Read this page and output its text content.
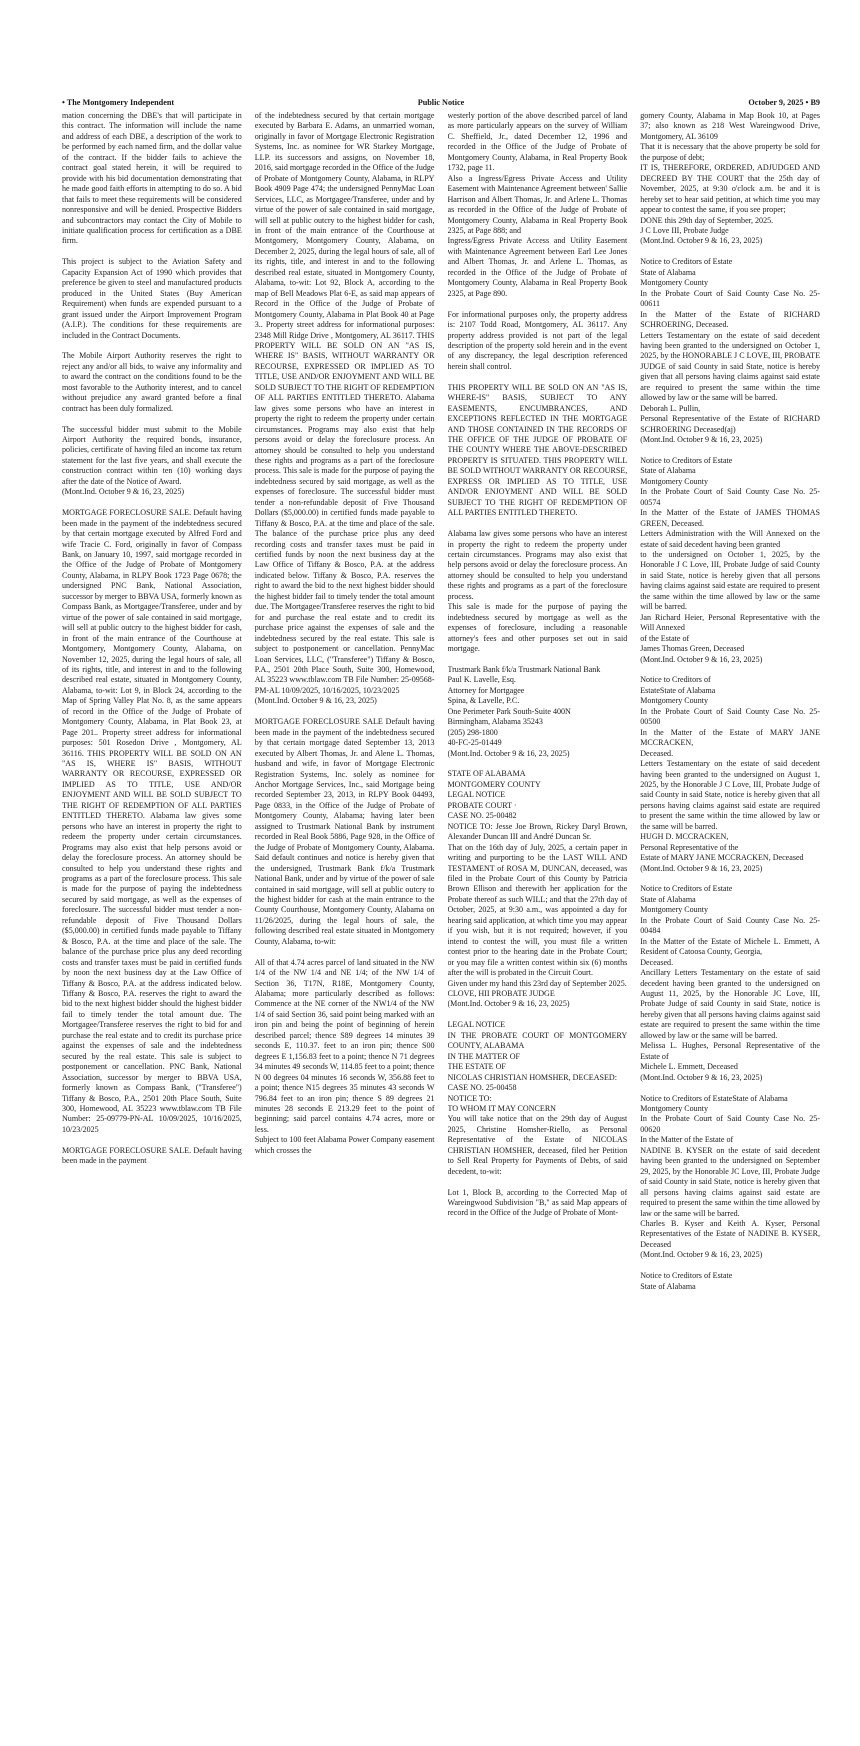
• The Montgomery Independent	Public Notice	October 9, 2025 • B9

mation concerning the DBE's that will participate in this contract. The information will include the name and address of each DBE, a description of the work to be performed by each named firm, and the dollar value of the contract. If the bidder fails to achieve the contract goal stated herein, it will be required to provide with his bid documentation demonstrating that he made good faith efforts in attempting to do so. A bid that fails to meet these requirements will be considered nonresponsive and will be denied. Prospective Bidders and subcontractors may contact the City of Mobile to initiate qualification process for certification as a DBE firm.

This project is subject to the Aviation Safety and Capacity Expansion Act of 1990 which provides that preference be given to steel and manufactured products produced in the United States (Buy American Requirement) when funds are expended pursuant to a grant issued under the Airport Improvement Program (A.I.P.). The conditions for these requirements are included in the Contract Documents.

The Mobile Airport Authority reserves the right to reject any and/or all bids, to waive any informality and to award the contract on the conditions found to be the most favorable to the Authority interest, and to cancel without prejudice any award granted before a final contract has been duly formalized.

The successful bidder must submit to the Mobile Airport Authority the required bonds, insurance, policies, certificate of having filed an income tax return statement for the last five years, and shall execute the construction contract within ten (10) working days after the date of the Notice of Award.

(Mont.Ind. October 9 & 16, 23, 2025)

MORTGAGE FORECLOSURE SALE. Default having been made in the payment of the indebtedness secured by that certain mortgage executed by Alfred Ford and wife Tracie C. Ford, originally in favor of Compass Bank, on January 10, 1997, said mortgage recorded in the Office of the Judge of Probate of Montgomery County, Alabama, in RLPY Book 1723 Page 0678; the undersigned PNC Bank, National Association, successor by merger to BBVA USA, formerly known as Compass Bank, as Mortgagee/Transferee, under and by virtue of the power of sale contained in said mortgage, will sell at public outcry to the highest bidder for cash, in front of the main entrance of the Courthouse at Montgomery, Montgomery County, Alabama, on November 12, 2025, during the legal hours of sale, all of its rights, title, and interest in and to the following described real estate, situated in Montgomery County, Alabama, to-wit: Lot 9, in Block 24, according to the Map of Spring Valley Plat No. 8, as the same appears of record in the Office of the Judge of Probate of Montgomery County, Alabama, in Plat Book 23, at Page 201.. Property street address for informational purposes: 501 Rosedon Drive , Montgomery, AL 36116. THIS PROPERTY WILL BE SOLD ON AN "AS IS, WHERE IS" BASIS, WITHOUT WARRANTY OR RECOURSE, EXPRESSED OR IMPLIED AS TO TITLE, USE AND/OR ENJOYMENT AND WILL BE SOLD SUBJECT TO THE RIGHT OF REDEMPTION OF ALL PARTIES ENTITLED THERETO. Alabama law gives some persons who have an interest in property the right to redeem the property under certain circumstances. Programs may also exist that help persons avoid or delay the foreclosure process. An attorney should be consulted to help you understand these rights and programs as a part of the foreclosure process. This sale is made for the purpose of paying the indebtedness secured by said mortgage, as well as the expenses of foreclosure. The successful bidder must tender a non-refundable deposit of Five Thousand Dollars ($5,000.00) in certified funds made payable to Tiffany & Bosco, P.A. at the time and place of the sale. The balance of the purchase price plus any deed recording costs and transfer taxes must be paid in certified funds by noon the next business day at the Law Office of Tiffany & Bosco, P.A. at the address indicated below. Tiffany & Bosco, P.A. reserves the right to award the bid to the next highest bidder should the highest bidder fail to timely tender the total amount due. The Mortgagee/Transferee reserves the right to bid for and purchase the real estate and to credit its purchase price against the expenses of sale and the indebtedness secured by the real estate. This sale is subject to postponement or cancellation. PNC Bank, National Association, successor by merger to BBVA USA, formerly known as Compass Bank, ("Transferee") Tiffany & Bosco, P.A., 2501 20th Place South, Suite 300, Homewood, AL 35223 www.tblaw.com TB File Number: 25-09779-PN-AL 10/09/2025, 10/16/2025, 10/23/2025

MORTGAGE FORECLOSURE SALE. Default having been made in the payment

of the indebtedness secured by that certain mortgage executed by Barbara E. Adams, an unmarried woman, originally in favor of Mortgage Electronic Registration Systems, Inc. as nominee for WR Starkey Mortgage, LLP. its successors and assigns, on November 18, 2016, said mortgage recorded in the Office of the Judge of Probate of Montgomery County, Alabama, in RLPY Book 4909 Page 474; the undersigned PennyMac Loan Services, LLC, as Mortgagee/Transferee, under and by virtue of the power of sale contained in said mortgage, will sell at public outcry to the highest bidder for cash, in front of the main entrance of the Courthouse at Montgomery, Montgomery County, Alabama, on December 2, 2025, during the legal hours of sale, all of its rights, title, and interest in and to the following described real estate, situated in Montgomery County, Alabama, to-wit: Lot 92, Block A, according to the map of Bell Meadows Plat 6-E, as said map appears of Record in the Office of the Judge of Probate of Montgomery County, Alabama in Plat Book 40 at Page 3.. Property street address for informational purposes: 2348 Mill Ridge Drive , Montgomery, AL 36117. THIS PROPERTY WILL BE SOLD ON AN "AS IS, WHERE IS" BASIS, WITHOUT WARRANTY OR RECOURSE, EXPRESSED OR IMPLIED AS TO TITLE, USE AND/OR ENJOYMENT AND WILL BE SOLD SUBJECT TO THE RIGHT OF REDEMPTION OF ALL PARTIES ENTITLED THERETO. Alabama law gives some persons who have an interest in property the right to redeem the property under certain circumstances. Programs may also exist that help persons avoid or delay the foreclosure process. An attorney should be consulted to help you understand these rights and programs as a part of the foreclosure process. This sale is made for the purpose of paying the indebtedness secured by said mortgage, as well as the expenses of foreclosure. The successful bidder must tender a non-refundable deposit of Five Thousand Dollars ($5,000.00) in certified funds made payable to Tiffany & Bosco, P.A. at the time and place of the sale. The balance of the purchase price plus any deed recording costs and transfer taxes must be paid in certified funds by noon the next business day at the Law Office of Tiffany & Bosco, P.A. at the address indicated below. Tiffany & Bosco, P.A. reserves the right to award the bid to the next highest bidder should the highest bidder fail to timely tender the total amount due. The Mortgagee/Transferee reserves the right to bid for and purchase the real estate and to credit its purchase price against the expenses of sale and the indebtedness secured by the real estate. This sale is subject to postponement or cancellation. PennyMac Loan Services, LLC, ("Transferee") Tiffany & Bosco, P.A., 2501 20th Place South, Suite 300, Homewood, AL 35223 www.tblaw.com TB File Number: 25-09568-PM-AL 10/09/2025, 10/16/2025, 10/23/2025

(Mont.Ind. October 9 & 16, 23, 2025)

MORTGAGE FORECLOSURE SALE Default having been made in the payment of the indebtedness secured by that certain mortgage dated September 13, 2013 executed by Albert Thomas, Jr. and Alene L. Thomas, husband and wife, in favor of Mortgage Electronic Registration Systems, Inc. solely as nominee for Anchor Mortgage Services, Inc., said Mortgage being recorded September 23, 2013, in RLPY Book 04493, Page 0833, in the Office of the Judge of Probate of Montgomery County, Alabama; having later been assigned to Trustmark National Bank by instrument recorded in Real Book 5886, Page 928, in the Office of the Judge of Probate of Montgomery County, Alabama. Said default continues and notice is hereby given that the undersigned, Trustmark Bank f/k/a Trustmark National Bank, under and by virtue of the power of sale contained in said mortgage, will sell at public outcry to the highest bidder for cash at the main entrance to the County Courthouse, Montgomery County, Alabama on 11/26/2025, during the legal hours of sale, the following described real estate situated in Montgomery County, Alabama, to-wit:

All of that 4.74 acres parcel of land situated in the NW 1/4 of the NW 1/4 and NE 1/4; of the NW 1/4 of Section 36, T17N, R18E, Montgomery County, Alabama; more particularly described as follows: Commence at the NE corner of the NW1/4 of the NW 1/4 of said Section 36, said point being marked with an iron pin and being the point of beginning of herein described parcel; thence S89 degrees 14 minutes 39 seconds E, 110.37. feet to an iron pin; thence S00 degrees E 1,156.83 feet to a point; thence N 71 degrees 34 minutes 49 seconds W, 114.85 feet to a point; thence N 00 degrees 04 minutes 16 seconds W, 356.88 feet to a point; thence N15 degrees 35 minutes 43 seconds W 796.84 feet to an iron pin; thence S 89 degrees 21 minutes 28 seconds E 213.29 feet to the point of beginning; said parcel contains 4.74 acres, more or less.

Subject to 100 feet Alabama Power Company easement which crosses the

westerly portion of the above described parcel of land as more particularly appears on the survey of William C. Sheffield, Jr., dated December 12, 1996 and recorded in the Office of the Judge of Probate of Montgomery County, Alabama, in Real Property Book 1732, page 11.

Also a Ingress/Egress Private Access and Utility Easement with Maintenance Agreement between' Sallie Harrison and Albert Thomas, Jr. and Arlene L. Thomas as recorded in the Office of the Judge of Probate of Montgomery County, Alabama in Real Property Book 2325, at Page 888; and

Ingress/Egress Private Access and Utility Easement with Maintenance Agreement between Earl Lee Jones and Albert Thomas, Jr. and Arlene L. Thomas, as recorded in the Office of the Judge of Probate of Montgomery County, Alabama in Real Property Book 2325, at Page 890.

For informational purposes only, the property address is: 2107 Todd Road, Montgomery, AL 36117. Any property address provided is not part of the legal description of the property sold herein and in the event of any discrepancy, the legal description referenced herein shall control.

THIS PROPERTY WILL BE SOLD ON AN "AS IS, WHERE-IS" BASIS, SUBJECT TO ANY EASEMENTS, ENCUMBRANCES, AND EXCEPTIONS REFLECTED IN THE MORTGAGE AND THOSE CONTAINED IN THE RECORDS OF THE OFFICE OF THE JUDGE OF PROBATE OF THE COUNTY WHERE THE ABOVE-DESCRIBED PROPERTY IS SITUATED. THIS PROPERTY WILL BE SOLD WITHOUT WARRANTY OR RECOURSE, EXPRESS OR IMPLIED AS TO TITLE, USE AND/OR ENJOYMENT AND WILL BE SOLD SUBJECT TO THE RIGHT OF REDEMPTION OF ALL PARTIES ENTITLED THERETO.

Alabama law gives some persons who have an interest in property the right to redeem the property under certain circumstances. Programs may also exist that help persons avoid or delay the foreclosure process. An attorney should be consulted to help you understand these rights and programs as a part of the foreclosure process.

This sale is made for the purpose of paying the indebtedness secured by mortgage as well as the expenses of foreclosure, including a reasonable attorney's fees and other purposes set out in said mortgage.

Trustmark Bank f/k/a Trustmark National Bank

Paul K. Lavelle, Esq.

Attorney for Mortgagee

Spina, & Lavelle, P.C.

One Perimeter Park South-Suite 400N

Birmingham, Alabama 35243

(205) 298-1800

40-FC-25-01449

(Mont.Ind. October 9 & 16, 23, 2025)

STATE OF ALABAMA

MONTGOMERY COUNTY

LEGAL NOTICE

PROBATE COURT ·

CASE NO. 25-00482

NOTICE TO: Jesse Joe Brown, Rickey Daryl Brown, Alexander Duncan III and André Duncan Sr.

That on the 16th day of July, 2025, a certain paper in writing and purporting to be the LAST WILL AND TESTAMENT of ROSA M, DUNCAN, deceased, was filed in the Probate Court of this County by Patricia Brown Ellison and therewith her application for the Probate thereof as such WILL; and that the 27th day of October, 2025, at 9:30 a.m., was appointed a day for hearing said application, at which time you may appear if you wish, but it is not required; however, if you intend to contest the will, you must file a written contest prior to the hearing date in the Probate Court; or you may file a written contest within six (6) months after the will is probated in the Circuit Court.

Given under my hand this 23rd day of September 2025.

CLOVE, HII PROBATE JUDGE

(Mont.Ind. October 9 & 16, 23, 2025)

LEGAL NOTICE

IN THE PROBATE COURT OF MONTGOMERY COUNTY, ALABAMA

IN THE MATTER OF

THE ESTATE OF

NICOLAS CHRISTIAN HOMSHER, DECEASED:

CASE NO. 25-00458

NOTICE TO:

TO WHOM IT MAY CONCERN

You will take notice that on the 29th day of August 2025, Christine Homsher-Riello, as Personal Representative of the Estate of NICOLAS CHRISTIAN HOMSHER, deceased, filed her Petition to Sell Real Property for Payments of Debts, of said decedent, to-wit:

Lot 1, Block B, according to the Corrected Map of Wareingwood Subdivision "B," as said Map appears of record in the Office of the Judge of Probate of Mont-

gomery County, Alabama in Map Book 10, at Pages 37; also known as 218 West Wareingwood Drive, Montgomery, AL 36109

That it is necessary that the above property be sold for the purpose of debt;

IT IS, THEREFORE, ORDERED, ADJUDGED AND DECREED BY THE COURT that the 25th day of November, 2025, at 9:30 o'clock a.m. be and it is hereby set to hear said petition, at which time you may appear to contest the same, if you see proper;

DONE this 29th day of September, 2025.

J C Love III, Probate Judge

(Mont.Ind. October 9 & 16, 23, 2025)

Notice to Creditors of Estate

State of Alabama

Montgomery County

In the Probate Court of Said County Case No. 25-00611

In the Matter of the Estate of RICHARD SCHROERING, Deceased.

Letters Testamentary on the estate of said decedent having been granted to the undersigned on October 1, 2025, by the HONORABLE J C LOVE, III, PROBATE JUDGE of said County in said State, notice is hereby given that all persons having claims against said estate are required to present the same within the time allowed by law or the same will be barred.

Deborah L. Pullin,

Personal Representative of the Estate of RICHARD SCHROERING Deceased(aj)

(Mont.Ind. October 9 & 16, 23, 2025)

Notice to Creditors of Estate

State of Alabama

Montgomery County

In the Probate Court of Said County Case No. 25-00574

In the Matter of the Estate of JAMES THOMAS GREEN, Deceased.

Letters Administration with the Will Annexed on the estate of said decedent having been granted

to the undersigned on October 1, 2025, by the Honorable J C Love, III, Probate Judge of said County in said State, notice is hereby given that all persons having claims against said estate are required to present the same within the time allowed by law or the same will be barred.

Jan Richard Heier, Personal Representative with the Will Annexed

of the Estate of

James Thomas Green, Deceased

(Mont.Ind. October 9 & 16, 23, 2025)

Notice to Creditors of

EstateState of Alabama

Montgomery County

In the Probate Court of Said County Case No. 25-00500

In the Matter of the Estate of MARY JANE MCCRACKEN,

Deceased.

Letters Testamentary on the estate of said decedent having been granted to the undersigned on August 1, 2025, by the Honorable J C Love, III, Probate Judge of said County in said State, notice is hereby given that all persons having claims against said estate are required to present the same within the time allowed by law or the same will be barred.

HUGH D. MCCRACKEN,

Personal Representative of the

Estate of MARY JANE MCCRACKEN, Deceased

(Mont.Ind. October 9 & 16, 23, 2025)

Notice to Creditors of Estate

State of Alabama

Montgomery County

In the Probate Court of Said County Case No. 25-00484

In the Matter of the Estate of Michele L. Emmett, A Resident of Catoosa County, Georgia,

Deceased.

Ancillary Letters Testamentary on the estate of said decedent having been granted to the undersigned on August 11, 2025, by the Honorable JC Love, III, Probate Judge of said County in said State, notice is hereby given that all persons having claims against said estate are required to present the same within the time allowed by law or the same will be barred.

Melissa L. Hughes, Personal Representative of the Estate of

Michele L. Emmett, Deceased

(Mont.Ind. October 9 & 16, 23, 2025)

Notice to Creditors of EstateState of Alabama

Montgomery County

In the Probate Court of Said County Case No. 25-00620

In the Matter of the Estate of

NADINE B. KYSER on the estate of said decedent having been granted to the undersigned on September 29, 2025, by the Honorable JC Love, III, Probate Judge of said County in said State, notice is hereby given that all persons having claims against said estate are required to present the same within the time allowed by law or the same will be barred.

Charles B. Kyser and Keith A. Kyser, Personal Representatives of the Estate of NADINE B. KYSER, Deceased

(Mont.Ind. October 9 & 16, 23, 2025)

Notice to Creditors of Estate

State of Alabama
